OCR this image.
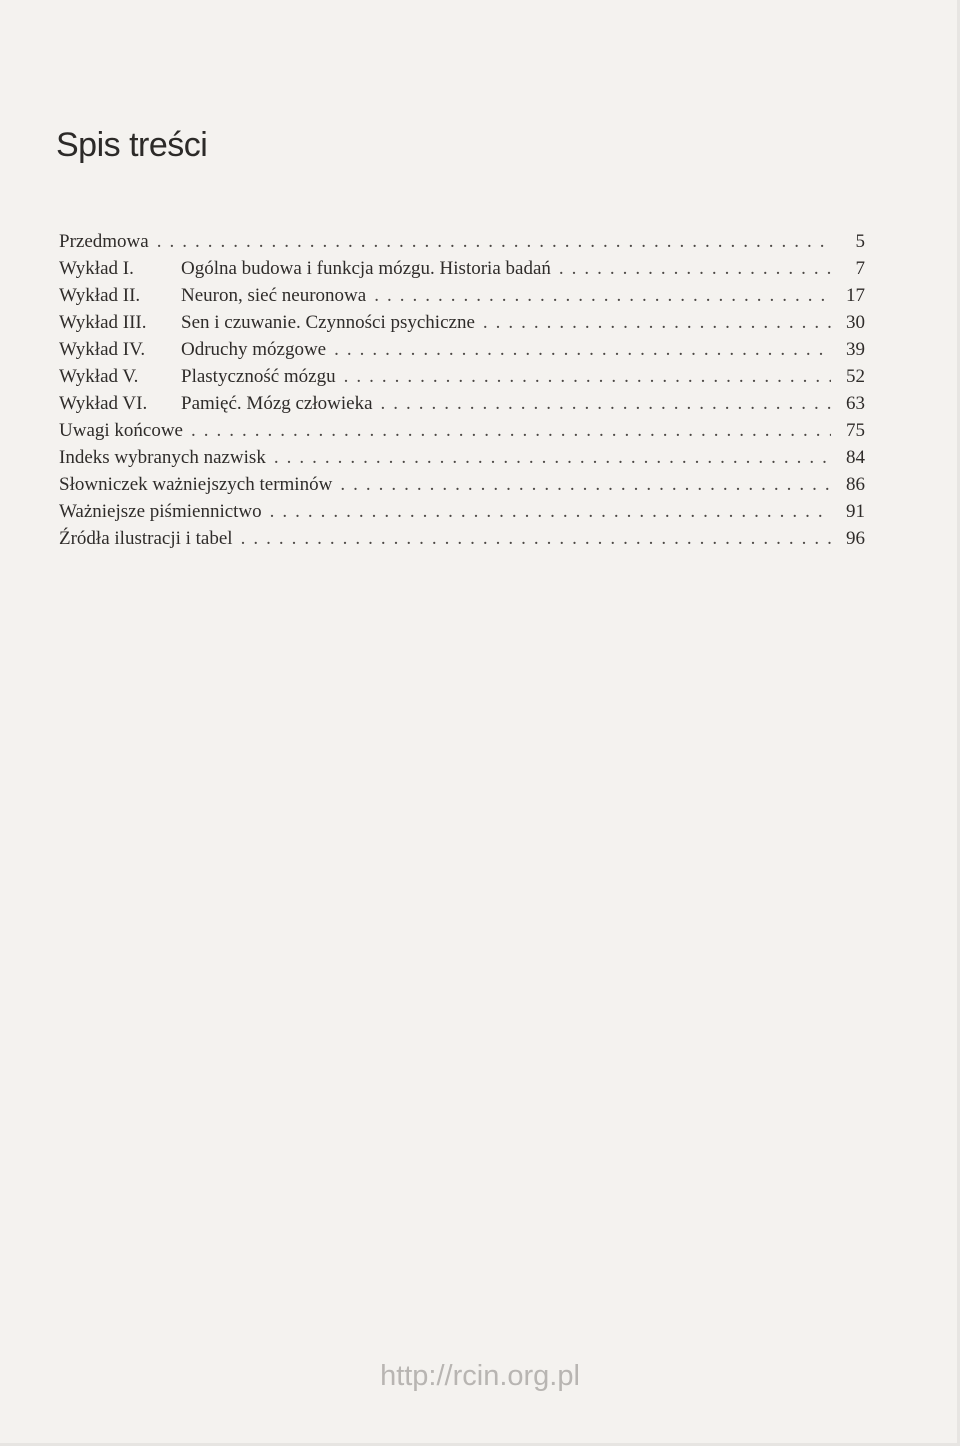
Spis treści
Przedmowa .....	5
Wykład I.	Ogólna budowa i funkcja mózgu. Historia badań .....	7
Wykład II.	Neuron, sieć neuronowa .....	17
Wykład III.	Sen i czuwanie. Czynności psychiczne .....	30
Wykład IV.	Odruchy mózgowe .....	39
Wykład V.	Plastyczność mózgu .....	52
Wykład VI.	Pamięć. Mózg człowieka .....	63
Uwagi końcowe .....	75
Indeks wybranych nazwisk .....	84
Słowniczek ważniejszych terminów .....	86
Ważniejsze piśmiennictwo .....	91
Źródła ilustracji i tabel .....	96
http://rcin.org.pl
